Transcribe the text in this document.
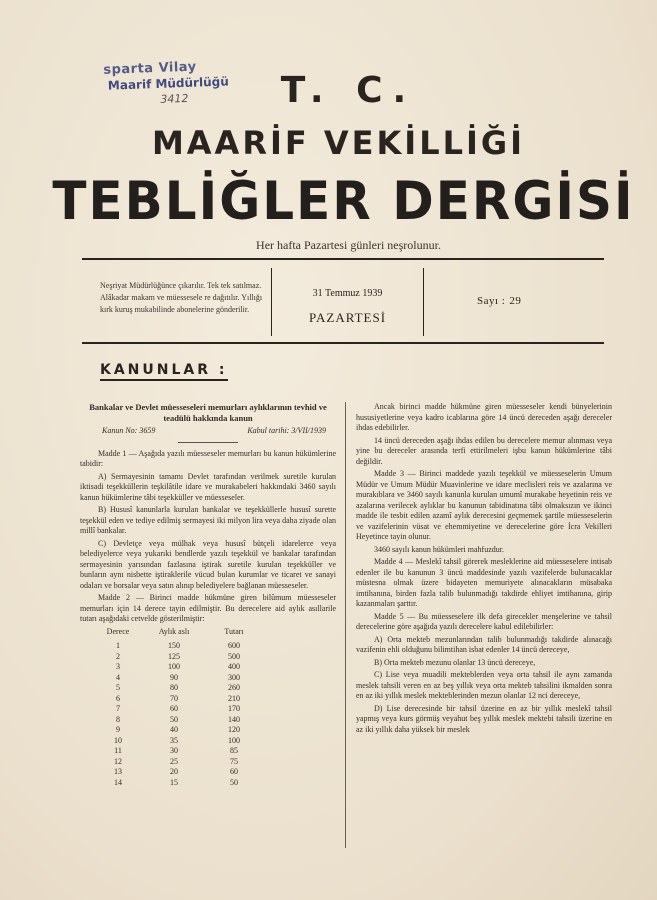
sparta Vilay
Maarif Müdürlüğü
3412	T. C.
MAARİF VEKİLLİĞİ
TEBLİĞLER DERGİSİ
Her hafta Pazartesi günleri neşrolunur.
Neşriyat Müdürlüğünce çıkarılır. Tek tek satılmaz. Alâkadar makam ve müessesele re dağıtılır. Yıllığı kırk kuruş mukabilinde abonelerine gönderilir.
31 Temmuz 1939
PAZARTESİ
Sayı : 29
KANUNLAR :
Bankalar ve Devlet müesseseleri memurları aylıklarının tevhid ve teadülü hakkında kanun
Kanun No: 3659	Kabul tarihi: 3/VII/1939

Madde 1 — Aşağıda yazılı müesseseler memurları bu kanun hükümlerine tabidir:

A) Sermayesinin tamamı Devlet tarafından verilmek suretile kurulan iktisadi teşekküllerin teşkilâtile idare ve murakabeleri hakkındaki 3460 sayılı kanun hükümlerine tâbi teşekküller ve müesseseler.

B) Hususî kanunlarla kurulan bankalar ve teşekküllerle hususî surette teşekkül eden ve tediye edilmiş sermayesi iki milyon lira veya daha ziyade olan millî bankalar.

C) Devletçe veya mülhak veya hususî bütçeli idarelerce veya belediyelerce veya yukarıki bendlerde yazılı teşekkül ve bankalar tarafından sermayesinin yarısından fazlasına iştirak suretile kurulan teşekküller ve bunların aynı nisbette iştiraklerile vücud bulan kurumlar ve ticaret ve sanayi odaları ve borsalar veya satın alınıp belediyelere bağlanan müesseseler.

Madde 2 — Birinci madde hükmüne giren bilûmum müesseseler memurları için 14 derece tayin edilmiştir. Bu derecelere aid aylık asıllarile tutarı aşağıdaki cetvelde gösterilmiştir:

Derece	Aylık aslı	Tutarı
1	150	600
2	125	500
3	100	400
4	90	300
5	80	260
6	70	210
7	60	170
8	50	140
9	40	120
10	35	100
11	30	85
12	25	75
13	20	60
14	15	50

Ancak birinci madde hükmüne giren müesseseler kendi bünyelerinin hususiyetlerine veya kadro icablarına göre 14 üncü dereceden aşağı dereceler ihdas edebilirler.

14 üncü dereceden aşağı ihdas edilen bu derecelere memur alınması veya yine bu dereceler arasında terfi ettirilmeleri işbu kanun hükümlerine tâbi değildir.

Madde 3 — Birinci maddede yazılı teşekkül ve müesseselerin Umum Müdür ve Umum Müdür Muavinlerine ve idare meclisleri reis ve azalarına ve murakıblara ve 3460 sayılı kanunla kurulan umumî murakabe heyetinin reis ve azalarına verilecek aylıklar bu kanunun tabidinatına tâbi olmaksızın ve ikinci madde ile tesbit edilen azamî aylık derecesini geçmemek şartile müesseselerin ve vazifelerinin vüsat ve ehemmiyetine ve derecelerine göre İcra Vekilleri Heyetince tayin olunur.

3460 sayılı kanun hükümleri mahfuzdur.

Madde 4 — Meslekî tahsil görerek mesleklerine aid müesseselere intisab edenler ile bu kanunun 3 üncü maddesinde yazılı vazifelerde bulunacaklar müstesna olmak üzere bidayeten memuriyete alınacakların müsabaka imtihanına, birden fazla talib bulunmadığı takdirde ehliyet imtihanına, girip kazanmaları şarttır.

Madde 5 — Bu müesseselere ilk defa girecekler menşelerine ve tahsil derecelerine göre aşağıda yazılı derecelere kabul edilebilirler:

A) Orta mekteb mezunlarından talib bulunmadığı takdirde alınacağı vazifenin ehli olduğunu bilimtihan isbat edenler 14 üncü dereceye,

B) Orta mekteb mezunu olanlar 13 üncü dereceye,

C) Lise veya muadili mekteblerden veya orta tahsil ile aynı zamanda meslek tahsili veren en az beş yıllık veya orta mekteb tahsilini ikmalden sonra en az iki yıllık meslek mekteblerinden mezun olanlar 12 nci dereceye,

D) Lise derecesinde bir tahsil üzerine en az bir yıllık meslekî tahsil yapmış veya kurs görmüş veyahut beş yıllık meslek mektebi tahsili üzerine en az iki yıllık daha yüksek bir meslek
